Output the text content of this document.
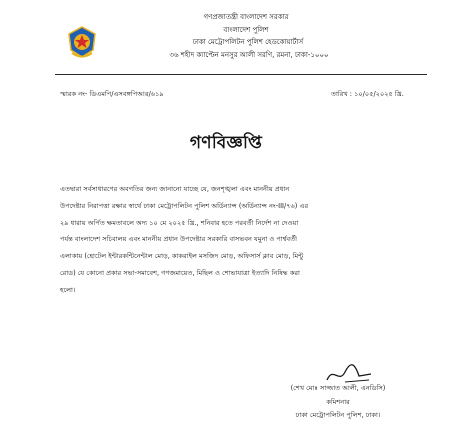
গণপ্রজাতন্ত্রী বাংলাদেশ সরকার
বাংলাদেশ পুলিশ
ঢাকা মেট্রোপলিটন পুলিশ হেডকোয়ার্টার্স
৩৬ শহীদ ক্যাপ্টেন মনসুর আলী সরণি, রমনা, ঢাকা-১০০০
স্মারক নং- ডিএমপি/এসবঙ্গপিআর/৬১৯	তারিখ : ১০/০৫/২০২৫ খ্রি.
গণবিজ্ঞপ্তি
এতদ্বারা সর্বসাধারণের অবগতির জন্য জানানো যাচ্ছে যে, জনশৃঙ্খলা এবং মাননীয় প্রধান
উপদেষ্টার নিরাপত্তা রক্ষার স্বার্থে ঢাকা মেট্রোপলিটন পুলিশ অর্ডিন্যান্স (অর্ডিন্যান্স নং-III/৭৬) এর
২৯ ধারায় অর্পিত ক্ষমতাবলে অদ্য ১০ মে ২০২৫ খ্রি., শনিবার হতে পরবর্তী নির্দেশ না দেওয়া
পর্যন্ত বাংলাদেশ সচিবালয় এবং মাননীয় প্রধান উপদেষ্টার সরকারি বাসভবন যমুনা ও পার্শ্ববর্তী
এলাকায় (হোটেল ইন্টারকন্টিনেন্টাল মোড়, কাকরাইল মসজিদ মোড়, অফিসার্স ক্লাব মোড়, মিন্টু
রোড) যে কোনো প্রকার সভা-সমাবেশ, গণজমায়েত, মিছিল ও শোভাযাত্রা ইত্যাদি নিষিদ্ধ করা
হলো।
(শেখ মোঃ সাজ্জাত আলী, এনডিসি)
কমিশনার
ঢাকা মেট্রোপলিটন পুলিশ, ঢাকা।
